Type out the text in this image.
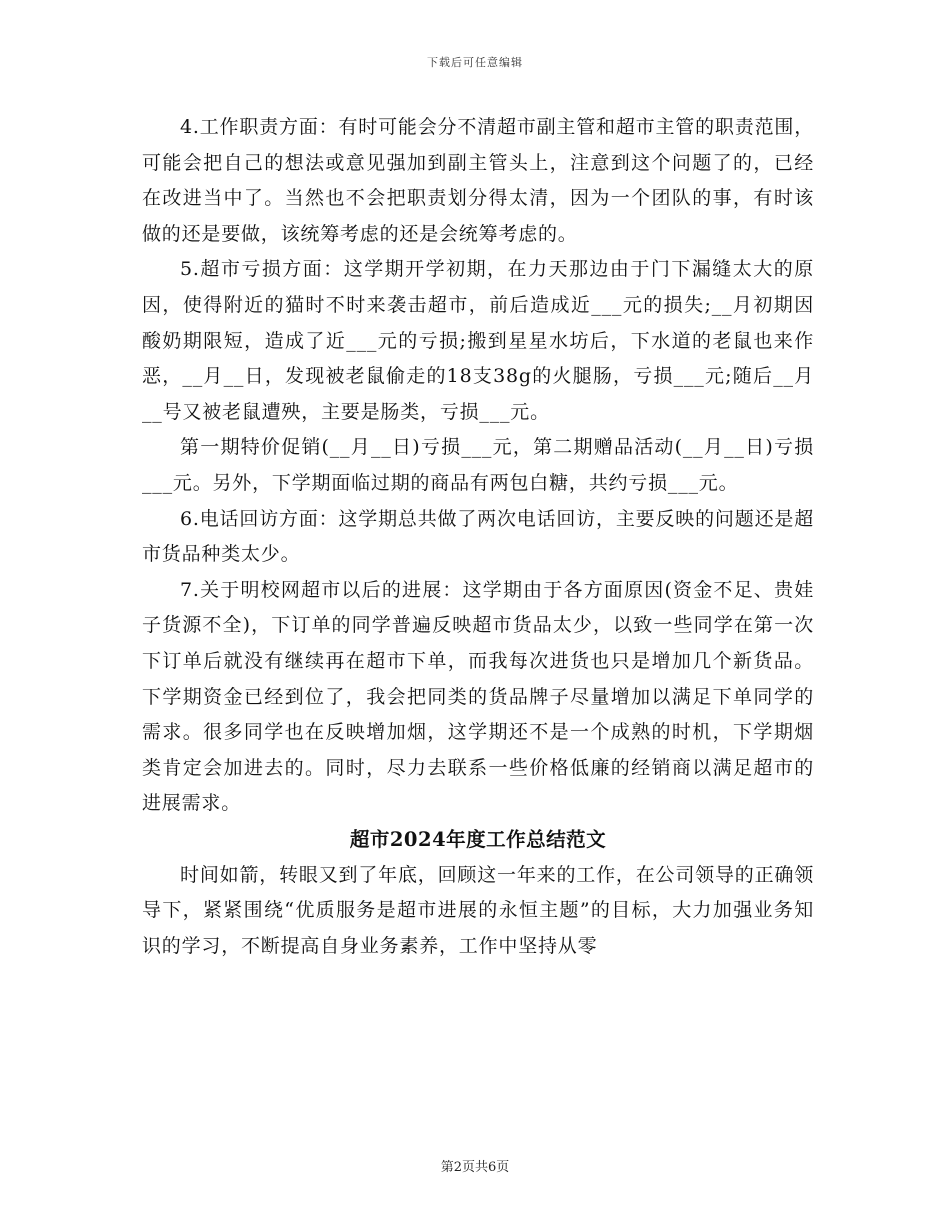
下载后可任意编辑

4.工作职责方面：有时可能会分不清超市副主管和超市主管的职责范围，可能会把自己的想法或意见强加到副主管头上，注意到这个问题了的，已经在改进当中了。当然也不会把职责划分得太清，因为一个团队的事，有时该做的还是要做，该统筹考虑的还是会统筹考虑的。

5.超市亏损方面：这学期开学初期，在力天那边由于门下漏缝太大的原因，使得附近的猫时不时来袭击超市，前后造成近___元的损失;__月初期因酸奶期限短，造成了近___元的亏损;搬到星星水坊后，下水道的老鼠也来作恶，__月__日，发现被老鼠偷走的18支38g的火腿肠，亏损___元;随后__月__号又被老鼠遭殃，主要是肠类，亏损___元。

第一期特价促销(__月__日)亏损___元，第二期赠品活动(__月__日)亏损___元。另外，下学期面临过期的商品有两包白糖，共约亏损___元。

6.电话回访方面：这学期总共做了两次电话回访，主要反映的问题还是超市货品种类太少。

7.关于明校网超市以后的进展：这学期由于各方面原因(资金不足、贵娃子货源不全)，下订单的同学普遍反映超市货品太少，以致一些同学在第一次下订单后就没有继续再在超市下单，而我每次进货也只是增加几个新货品。下学期资金已经到位了，我会把同类的货品牌子尽量增加以满足下单同学的需求。很多同学也在反映增加烟，这学期还不是一个成熟的时机，下学期烟类肯定会加进去的。同时，尽力去联系一些价格低廉的经销商以满足超市的进展需求。

超市2024年度工作总结范文

时间如箭，转眼又到了年底，回顾这一年来的工作，在公司领导的正确领导下，紧紧围绕“优质服务是超市进展的永恒主题”的目标，大力加强业务知识的学习，不断提高自身业务素养，工作中坚持从零

第2页共6页
